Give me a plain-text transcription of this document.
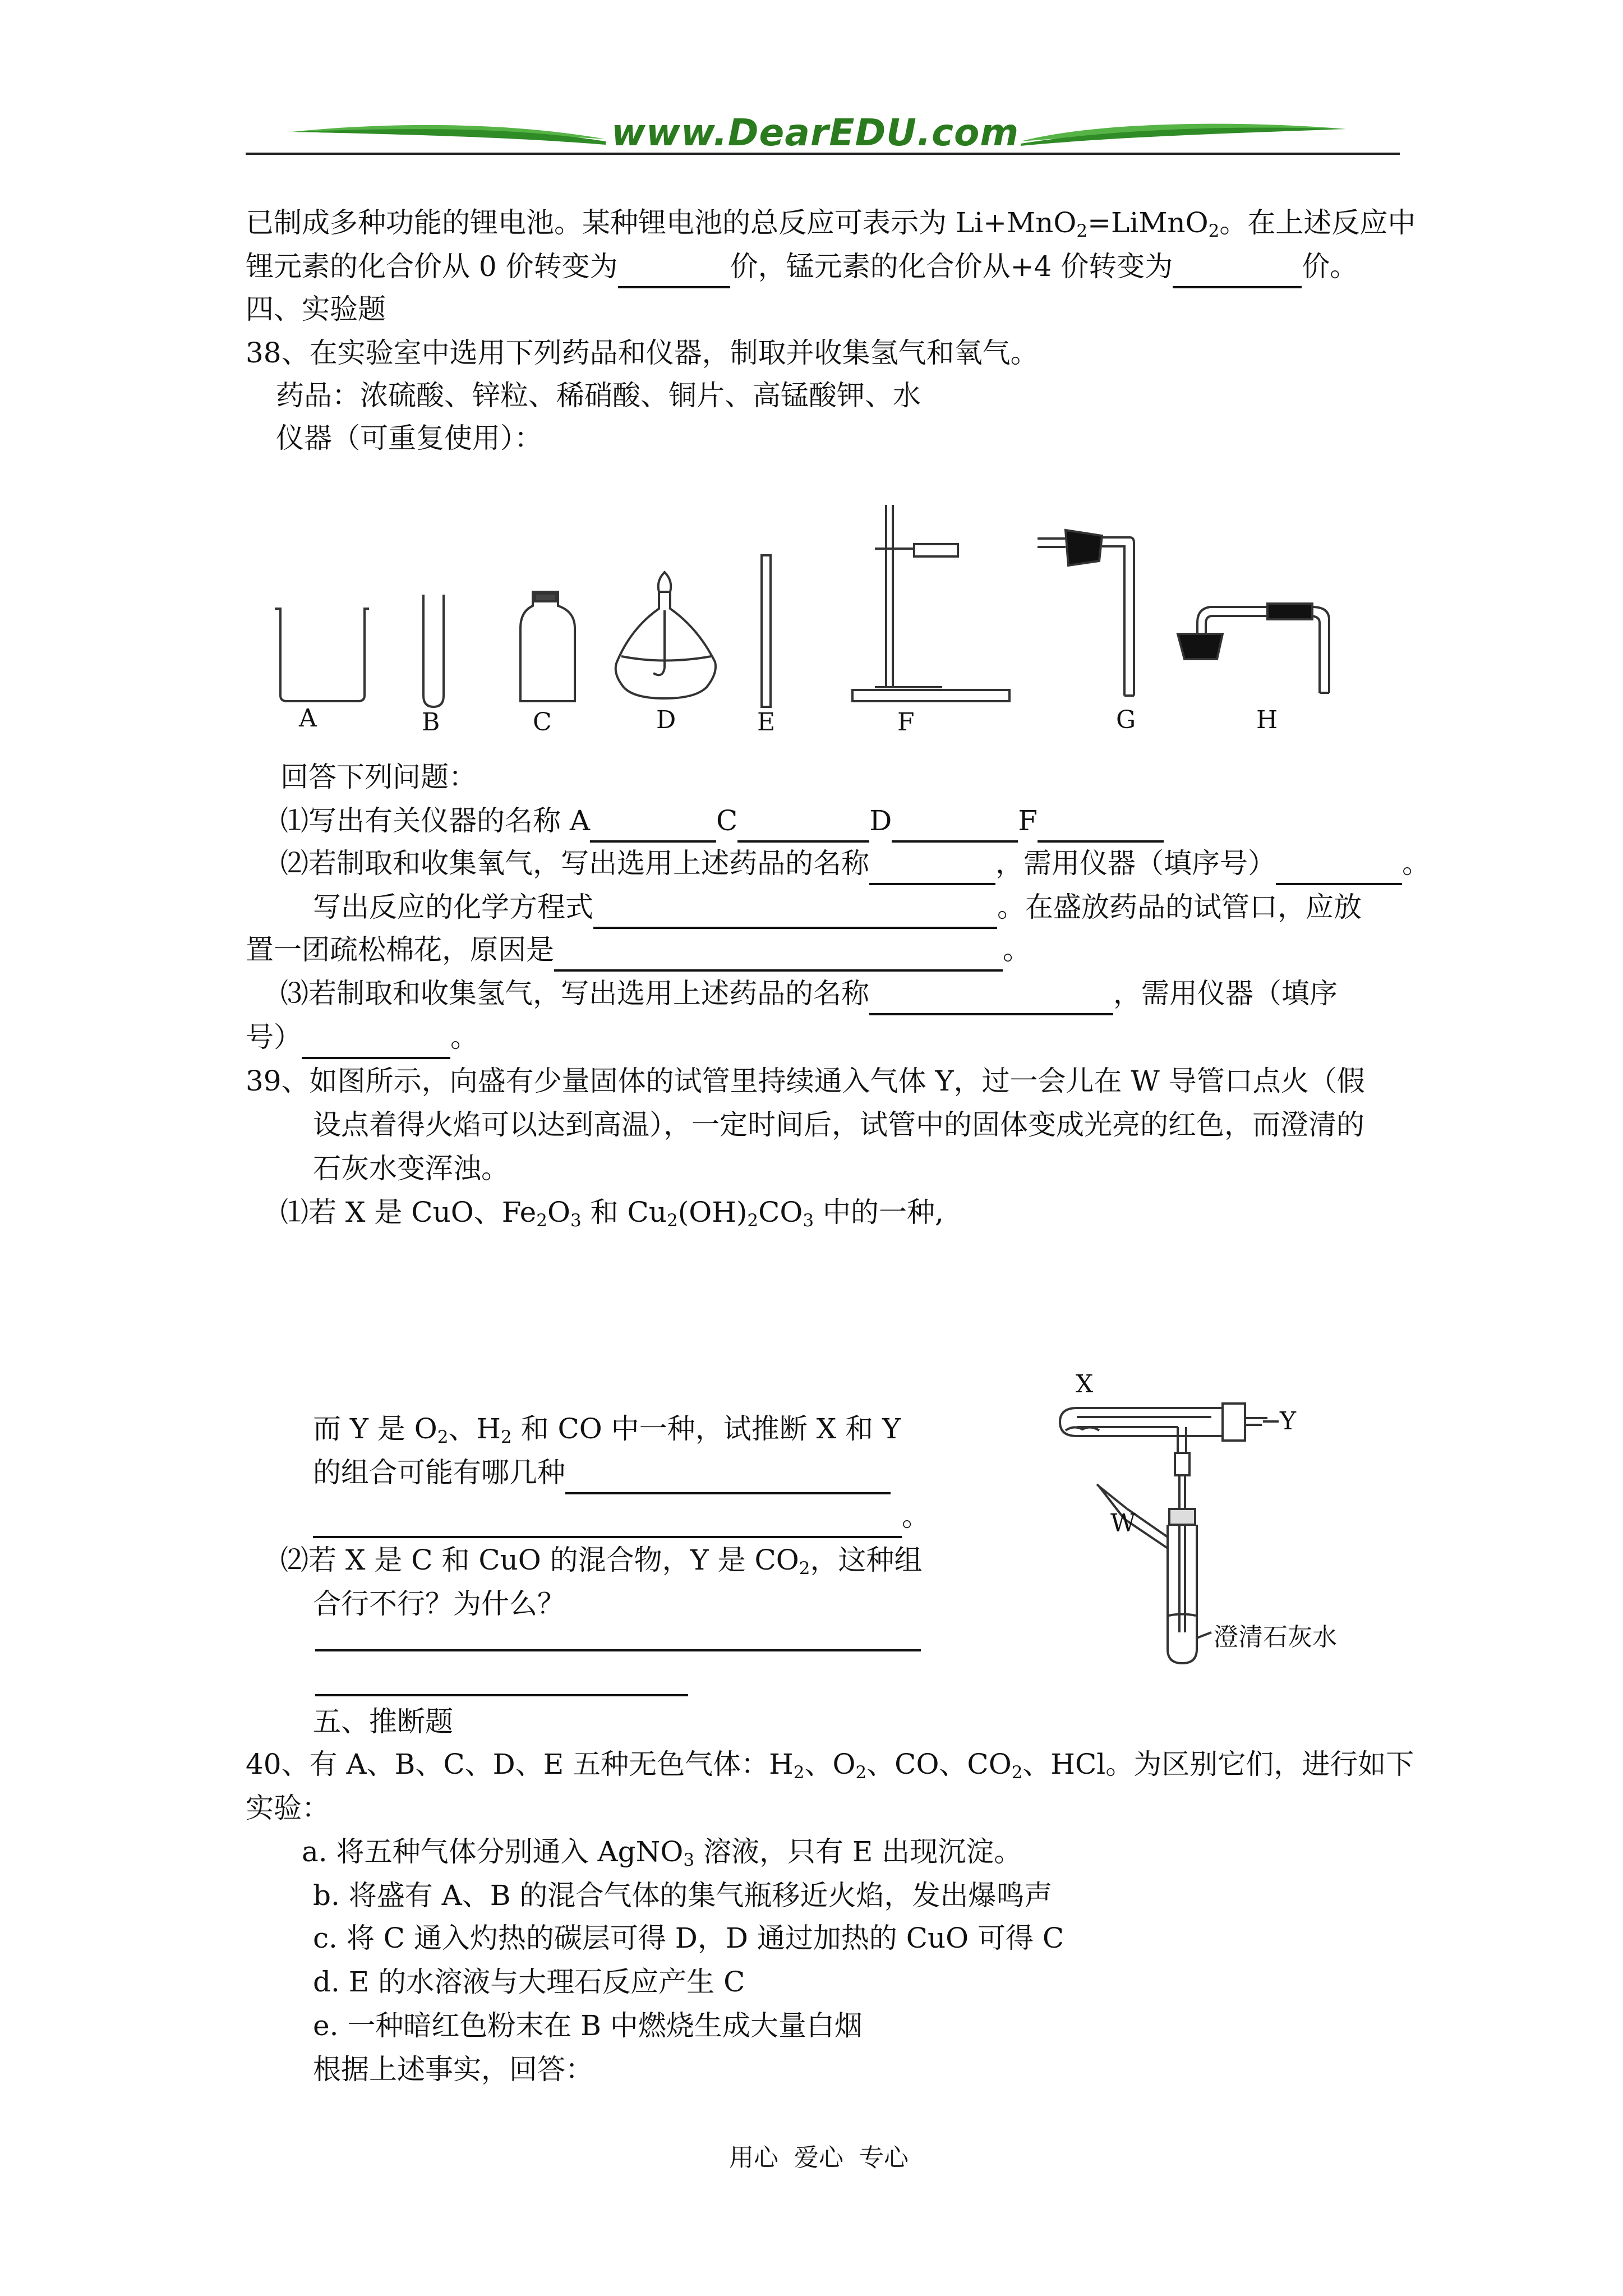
www.DearEDU.com
已制成多种功能的锂电池。某种锂电池的总反应可表示为 Li+MnO$_2$=LiMnO$_2$。在上述反应中
锂元素的化合价从 0 价转变为	价，锰元素的化合价从+4 价转变为	价。
四、实验题
38、在实验室中选用下列药品和仪器，制取并收集氢气和氧气。
药品：浓硫酸、锌粒、稀硝酸、铜片、高锰酸钾、水
仪器（可重复使用）：
A	B	C	D	E	F	G	H
回答下列问题：
⑴写出有关仪器的名称 A	C	D	F
⑵若制取和收集氧气，写出选用上述药品的名称	，需用仪器（填序号）	。
写出反应的化学方程式	。在盛放药品的试管口，应放
置一团疏松棉花，原因是	。
⑶若制取和收集氢气，写出选用上述药品的名称	，需用仪器（填序
号）	。
39、如图所示，向盛有少量固体的试管里持续通入气体 Y，过一会儿在 W 导管口点火（假
设点着得火焰可以达到高温），一定时间后，试管中的固体变成光亮的红色，而澄清的
石灰水变浑浊。
⑴若 X 是 CuO、$Fe_2O_3$ 和 $Cu_2(OH)_2CO_3$ 中的一种,
而 Y 是 $O_2$、$H_2$ 和 CO 中一种，试推断 X 和 Y
的组合可能有哪几种
。
⑵若 X 是 C 和 CuO 的混合物，Y 是 $CO_2$，这种组
合行不行？为什么？
X
Y
W
澄清石灰水
五、推断题
40、有 A、B、C、D、E 五种无色气体：$H_2$、$O_2$、CO、$CO_2$、HCl。为区别它们，进行如下
实验：
a. 将五种气体分别通入 AgNO$_3$ 溶液，只有 E 出现沉淀。
b. 将盛有 A、B 的混合气体的集气瓶移近火焰，发出爆鸣声
c. 将 C 通入灼热的碳层可得 D，D 通过加热的 CuO 可得 C
d. E 的水溶液与大理石反应产生 C
e. 一种暗红色粉末在 B 中燃烧生成大量白烟
根据上述事实，回答：
用心  爱心  专心
